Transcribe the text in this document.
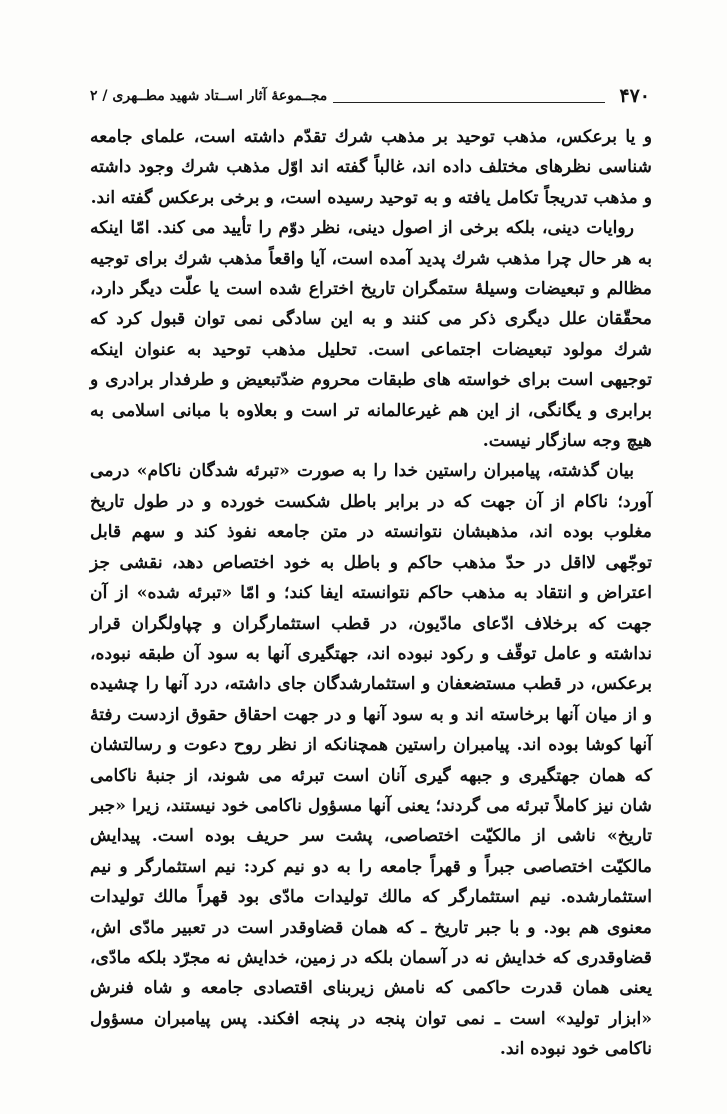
۴۷۰
مجــموعهٔ آثار اســتاد شهید مطــهری / ۲

و یا برعکس، مذهب توحید بر مذهب شرك تقدّم داشته است، علمای جامعه شناسی نظرهای مختلف داده اند، غالباً گفته اند اوّل مذهب شرك وجود داشته و مذهب تدریجاً تکامل یافته و به توحید رسیده است، و برخی برعکس گفته اند.

روایات دینی، بلکه برخی از اصول دینی، نظر دوّم را تأیید می کند. امّا اینکه به هر حال چرا مذهب شرك پدید آمده است، آیا واقعاً مذهب شرك برای توجیه مظالم و تبعیضات وسیلهٔ ستمگران تاریخ اختراع شده است یا علّت دیگر دارد، محقّقان علل دیگری ذکر می کنند و به این سادگی نمی توان قبول کرد که شرك مولود تبعیضات اجتماعی است. تحلیل مذهب توحید به عنوان اینکه توجیهی است برای خواسته های طبقات محروم ضدّتبعیض و طرفدار برادری و برابری و یگانگی، از این هم غیرعالمانه تر است و بعلاوه با مبانی اسلامی به هیچ وجه سازگار نیست.

بیان گذشته، پیامبران راستین خدا را به صورت «تبرئه شدگان ناکام» درمی آورد؛ ناکام از آن جهت که در برابر باطل شکست خورده و در طول تاریخ مغلوب بوده اند، مذهبشان نتوانسته در متن جامعه نفوذ کند و سهم قابل توجّهی لااقل در حدّ مذهب حاکم و باطل به خود اختصاص دهد، نقشی جز اعتراض و انتقاد به مذهب حاکم نتوانسته ایفا کند؛ و امّا «تبرئه شده» از آن جهت که برخلاف ادّعای مادّیون، در قطب استثمارگران و چپاولگران قرار نداشته و عامل توقّف و رکود نبوده اند، جهتگیری آنها به سود آن طبقه نبوده، برعکس، در قطب مستضعفان و استثمارشدگان جای داشته، درد آنها را چشیده و از میان آنها برخاسته اند و به سود آنها و در جهت احقاق حقوق ازدست رفتهٔ آنها کوشا بوده اند. پیامبران راستین همچنانکه از نظر روح دعوت و رسالتشان که همان جهتگیری و جبهه گیری آنان است تبرئه می شوند، از جنبهٔ ناکامی شان نیز کاملاً تبرئه می گردند؛ یعنی آنها مسؤول ناکامی خود نیستند، زیرا «جبر تاریخ» ناشی از مالکیّت اختصاصی، پشت سر حریف بوده است. پیدایش مالکیّت اختصاصی جبراً و قهراً جامعه را به دو نیم کرد: نیم استثمارگر و نیم استثمارشده. نیم استثمارگر که مالك تولیدات مادّی بود قهراً مالك تولیدات معنوی هم بود. و با جبر تاریخ ـ که همان قضاوقدر است در تعبیر مادّی اش، قضاوقدری که خدایش نه در آسمان بلکه در زمین، خدایش نه مجرّد بلکه مادّی، یعنی همان قدرت حاکمی که نامش زیربنای اقتصادی جامعه و شاه فنرش «ابزار تولید» است ـ نمی توان پنجه در پنجه افکند. پس پیامبران مسؤول ناکامی خود نبوده اند.
